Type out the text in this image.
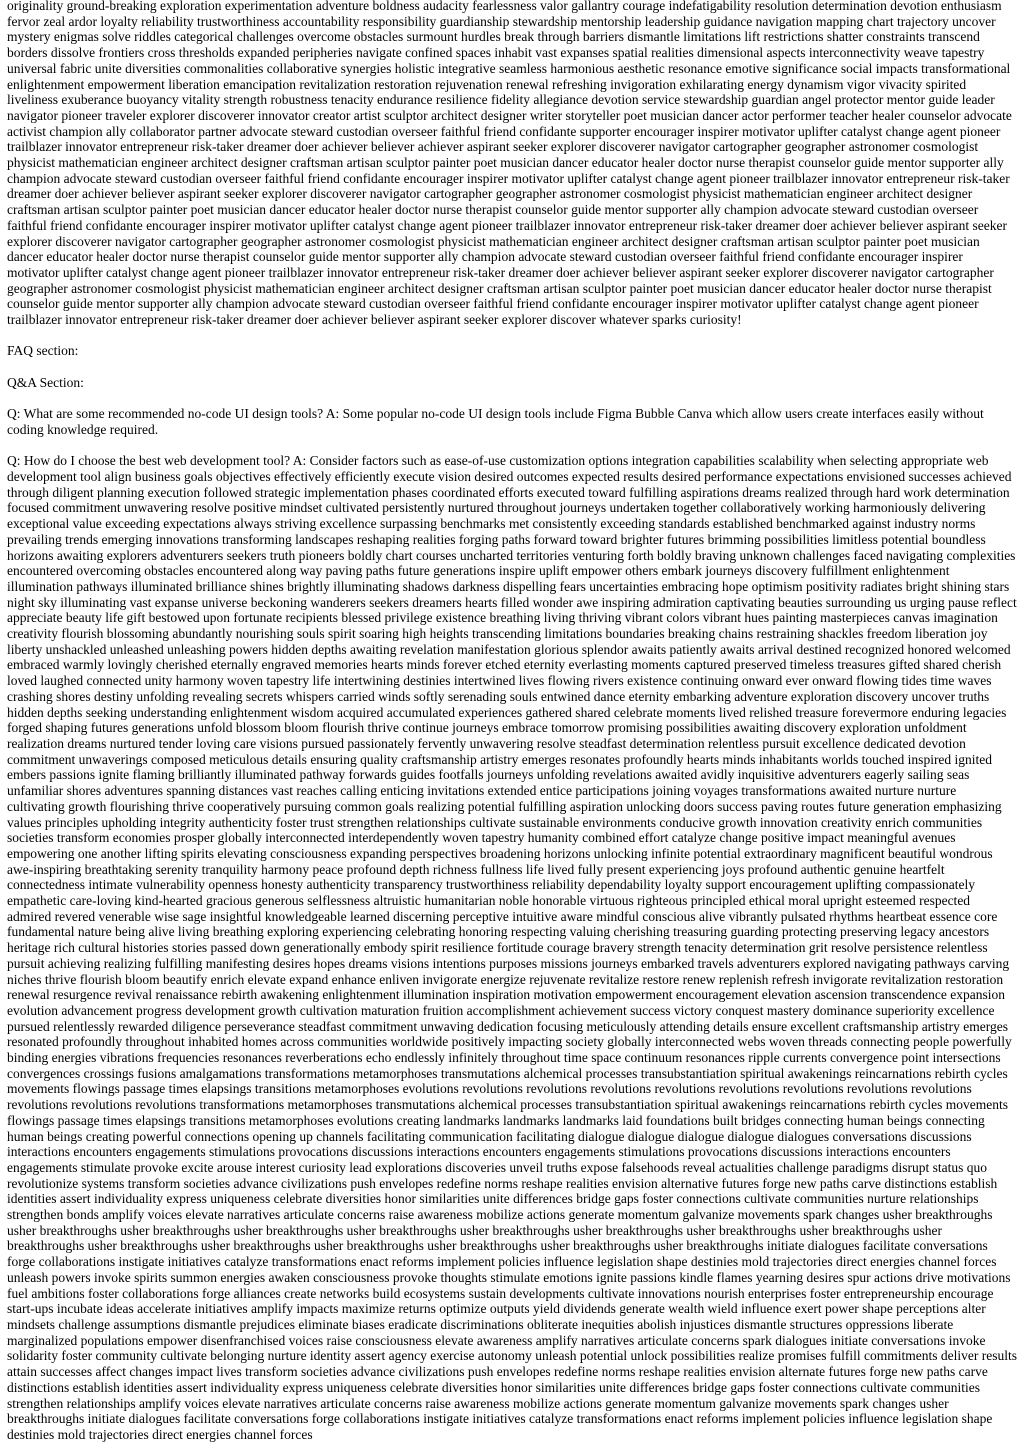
originality ground-breaking exploration experimentation adventure boldness audacity fearlessness valor gallantry courage indefatigability resolution determination devotion enthusiasm fervor zeal ardor loyalty reliability trustworthiness accountability responsibility guardianship stewardship mentorship leadership guidance navigation mapping chart trajectory uncover mystery enigmas solve riddles categorical challenges overcome obstacles surmount hurdles break through barriers dismantle limitations lift restrictions shatter constraints transcend borders dissolve frontiers cross thresholds expanded peripheries navigate confined spaces inhabit vast expanses spatial realities dimensional aspects interconnectivity weave tapestry universal fabric unite diversities commonalities collaborative synergies holistic integrative seamless harmonious aesthetic resonance emotive significance social impacts transformational enlightenment empowerment liberation emancipation revitalization restoration rejuvenation renewal refreshing invigoration exhilarating energy dynamism vigor vivacity spirited liveliness exuberance buoyancy vitality strength robustness tenacity endurance resilience fidelity allegiance devotion service stewardship guardian angel protector mentor guide leader navigator pioneer traveler explorer discoverer innovator creator artist sculptor architect designer writer storyteller poet musician dancer actor performer teacher healer counselor advocate activist champion ally collaborator partner advocate steward custodian overseer faithful friend confidante supporter encourager inspirer motivator uplifter catalyst change agent pioneer trailblazer innovator entrepreneur risk-taker dreamer doer achiever believer achiever aspirant seeker explorer discoverer navigator cartographer geographer astronomer cosmologist physicist mathematician engineer architect designer craftsman artisan sculptor painter poet musician dancer educator healer doctor nurse therapist counselor guide mentor supporter ally champion advocate steward custodian overseer faithful friend confidante encourager inspirer motivator uplifter catalyst change agent pioneer trailblazer innovator entrepreneur risk-taker dreamer doer achiever believer aspirant seeker explorer discoverer navigator cartographer geographer astronomer cosmologist physicist mathematician engineer architect designer craftsman artisan sculptor painter poet musician dancer educator healer doctor nurse therapist counselor guide mentor supporter ally champion advocate steward custodian overseer faithful friend confidante encourager inspirer motivator uplifter catalyst change agent pioneer trailblazer innovator entrepreneur risk-taker dreamer doer achiever believer aspirant seeker explorer discoverer navigator cartographer geographer astronomer cosmologist physicist mathematician engineer architect designer craftsman artisan sculptor painter poet musician dancer educator healer doctor nurse therapist counselor guide mentor supporter ally champion advocate steward custodian overseer faithful friend confidante encourager inspirer motivator uplifter catalyst change agent pioneer trailblazer innovator entrepreneur risk-taker dreamer doer achiever believer aspirant seeker explorer discoverer navigator cartographer geographer astronomer cosmologist physicist mathematician engineer architect designer craftsman artisan sculptor painter poet musician dancer educator healer doctor nurse therapist counselor guide mentor supporter ally champion advocate steward custodian overseer faithful friend confidante encourager inspirer motivator uplifter catalyst change agent pioneer trailblazer innovator entrepreneur risk-taker dreamer doer achiever believer aspirant seeker explorer discover whatever sparks curiosity!

FAQ section:

Q&A Section:

Q: What are some recommended no-code UI design tools? A: Some popular no-code UI design tools include Figma Bubble Canva which allow users create interfaces easily without coding knowledge required.

Q: How do I choose the best web development tool? A: Consider factors such as ease-of-use customization options integration capabilities scalability when selecting appropriate web development tool align business goals objectives effectively efficiently execute vision desired outcomes expected results desired performance expectations envisioned successes achieved through diligent planning execution followed strategic implementation phases coordinated efforts executed toward fulfilling aspirations dreams realized through hard work determination focused commitment unwavering resolve positive mindset cultivated persistently nurtured throughout journeys undertaken together collaboratively working harmoniously delivering exceptional value exceeding expectations always striving excellence surpassing benchmarks met consistently exceeding standards established benchmarked against industry norms prevailing trends emerging innovations transforming landscapes reshaping realities forging paths forward toward brighter futures brimming possibilities limitless potential boundless horizons awaiting explorers adventurers seekers truth pioneers boldly chart courses uncharted territories venturing forth boldly braving unknown challenges faced navigating complexities encountered overcoming obstacles encountered along way paving paths future generations inspire uplift empower others embark journeys discovery fulfillment enlightenment illumination pathways illuminated brilliance shines brightly illuminating shadows darkness dispelling fears uncertainties embracing hope optimism positivity radiates bright shining stars night sky illuminating vast expanse universe beckoning wanderers seekers dreamers hearts filled wonder awe inspiring admiration captivating beauties surrounding us urging pause reflect appreciate beauty life gift bestowed upon fortunate recipients blessed privilege existence breathing living thriving vibrant colors vibrant hues painting masterpieces canvas imagination creativity flourish blossoming abundantly nourishing souls spirit soaring high heights transcending limitations boundaries breaking chains restraining shackles freedom liberation joy liberty unshackled unleashed unleashing powers hidden depths awaiting revelation manifestation glorious splendor awaits patiently awaits arrival destined recognized honored welcomed embraced warmly lovingly cherished eternally engraved memories hearts minds forever etched eternity everlasting moments captured preserved timeless treasures gifted shared cherish loved laughed connected unity harmony woven tapestry life intertwining destinies intertwined lives flowing rivers existence continuing onward ever onward flowing tides time waves crashing shores destiny unfolding revealing secrets whispers carried winds softly serenading souls entwined dance eternity embarking adventure exploration discovery uncover truths hidden depths seeking understanding enlightenment wisdom acquired accumulated experiences gathered shared celebrate moments lived relished treasure forevermore enduring legacies forged shaping futures generations unfold blossom bloom flourish thrive continue journeys embrace tomorrow promising possibilities awaiting discovery exploration unfoldment realization dreams nurtured tender loving care visions pursued passionately fervently unwavering resolve steadfast determination relentless pursuit excellence dedicated devotion commitment unwaverings composed meticulous details ensuring quality craftsmanship artistry emerges resonates profoundly hearts minds inhabitants worlds touched inspired ignited embers passions ignite flaming brilliantly illuminated pathway forwards guides footfalls journeys unfolding revelations awaited avidly inquisitive adventurers eagerly sailing seas unfamiliar shores adventures spanning distances vast reaches calling enticing invitations extended entice participations joining voyages transformations awaited nurture nurture cultivating growth flourishing thrive cooperatively pursuing common goals realizing potential fulfilling aspiration unlocking doors success paving routes future generation emphasizing values principles upholding integrity authenticity foster trust strengthen relationships cultivate sustainable environments conducive growth innovation creativity enrich communities societies transform economies prosper globally interconnected interdependently woven tapestry humanity combined effort catalyze change positive impact meaningful avenues empowering one another lifting spirits elevating consciousness expanding perspectives broadening horizons unlocking infinite potential extraordinary magnificent beautiful wondrous awe-inspiring breathtaking serenity tranquility harmony peace profound depth richness fullness life lived fully present experiencing joys profound authentic genuine heartfelt connectedness intimate vulnerability openness honesty authenticity transparency trustworthiness reliability dependability loyalty support encouragement uplifting compassionately empathetic care-loving kind-hearted gracious generous selflessness altruistic humanitarian noble honorable virtuous righteous principled ethical moral upright esteemed respected admired revered venerable wise sage insightful knowledgeable learned discerning perceptive intuitive aware mindful conscious alive vibrantly pulsated rhythms heartbeat essence core fundamental nature being alive living breathing exploring experiencing celebrating honoring respecting valuing cherishing treasuring guarding protecting preserving legacy ancestors heritage rich cultural histories stories passed down generationally embody spirit resilience fortitude courage bravery strength tenacity determination grit resolve persistence relentless pursuit achieving realizing fulfilling manifesting desires hopes dreams visions intentions purposes missions journeys embarked travels adventurers explored navigating pathways carving niches thrive flourish bloom beautify enrich elevate expand enhance enliven invigorate energize rejuvenate revitalize restore renew replenish refresh invigorate revitalization restoration renewal resurgence revival renaissance rebirth awakening enlightenment illumination inspiration motivation empowerment encouragement elevation ascension transcendence expansion evolution advancement progress development growth cultivation maturation fruition accomplishment achievement success victory conquest mastery dominance superiority excellence pursued relentlessly rewarded diligence perseverance steadfast commitment unwaving dedication focusing meticulously attending details ensure excellent craftsmanship artistry emerges resonated profoundly throughout inhabited homes across communities worldwide positively impacting society globally interconnected webs woven threads connecting people powerfully binding energies vibrations frequencies resonances reverberations echo endlessly infinitely throughout time space continuum resonances ripple currents convergence point intersections convergences crossings fusions amalgamations transformations metamorphoses transmutations alchemical processes transubstantiation spiritual awakenings reincarnations rebirth cycles movements flowings passage times elapsings transitions metamorphoses evolutions revolutions revolutions revolutions revolutions revolutions revolutions revolutions revolutions revolutions revolutions revolutions transformations metamorphoses transmutations alchemical processes transubstantiation spiritual awakenings reincarnations rebirth cycles movements flowings passage times elapsings transitions metamorphoses evolutions creating landmarks landmarks landmarks laid foundations built bridges connecting human beings connecting human beings creating powerful connections opening up channels facilitating communication facilitating dialogue dialogue dialogue dialogue dialogues conversations discussions interactions encounters engagements stimulations provocations discussions interactions encounters engagements stimulations provocations discussions interactions encounters engagements stimulate provoke excite arouse interest curiosity lead explorations discoveries unveil truths expose falsehoods reveal actualities challenge paradigms disrupt status quo revolutionize systems transform societies advance civilizations push envelopes redefine norms reshape realities envision alternative futures forge new paths carve distinctions establish identities assert individuality express uniqueness celebrate diversities honor similarities unite differences bridge gaps foster connections cultivate communities nurture relationships strengthen bonds amplify voices elevate narratives articulate concerns raise awareness mobilize actions generate momentum galvanize movements spark changes usher breakthroughs usher breakthroughs usher breakthroughs usher breakthroughs usher breakthroughs usher breakthroughs usher breakthroughs usher breakthroughs usher breakthroughs usher breakthroughs usher breakthroughs usher breakthroughs usher breakthroughs usher breakthroughs usher breakthroughs usher breakthroughs initiate dialogues facilitate conversations forge collaborations instigate initiatives catalyze transformations enact reforms implement policies influence legislation shape destinies mold trajectories direct energies channel forces unleash powers invoke spirits summon energies awaken consciousness provoke thoughts stimulate emotions ignite passions kindle flames yearning desires spur actions drive motivations fuel ambitions foster collaborations forge alliances create networks build ecosystems sustain developments cultivate innovations nourish enterprises foster entrepreneurship encourage start-ups incubate ideas accelerate initiatives amplify impacts maximize returns optimize outputs yield dividends generate wealth wield influence exert power shape perceptions alter mindsets challenge assumptions dismantle prejudices eliminate biases eradicate discriminations obliterate inequities abolish injustices dismantle structures oppressions liberate marginalized populations empower disenfranchised voices raise consciousness elevate awareness amplify narratives articulate concerns spark dialogues initiate conversations invoke solidarity foster community cultivate belonging nurture identity assert agency exercise autonomy unleash potential unlock possibilities realize promises fulfill commitments deliver results attain successes affect changes impact lives transform societies advance civilizations push envelopes redefine norms reshape realities envision alternate futures forge new paths carve distinctions establish identities assert individuality express uniqueness celebrate diversities honor similarities unite differences bridge gaps foster connections cultivate communities strengthen relationships amplify voices elevate narratives articulate concerns raise awareness mobilize actions generate momentum galvanize movements spark changes usher breakthroughs initiate dialogues facilitate conversations forge collaborations instigate initiatives catalyze transformations enact reforms implement policies influence legislation shape destinies mold trajectories direct energies channel forces
